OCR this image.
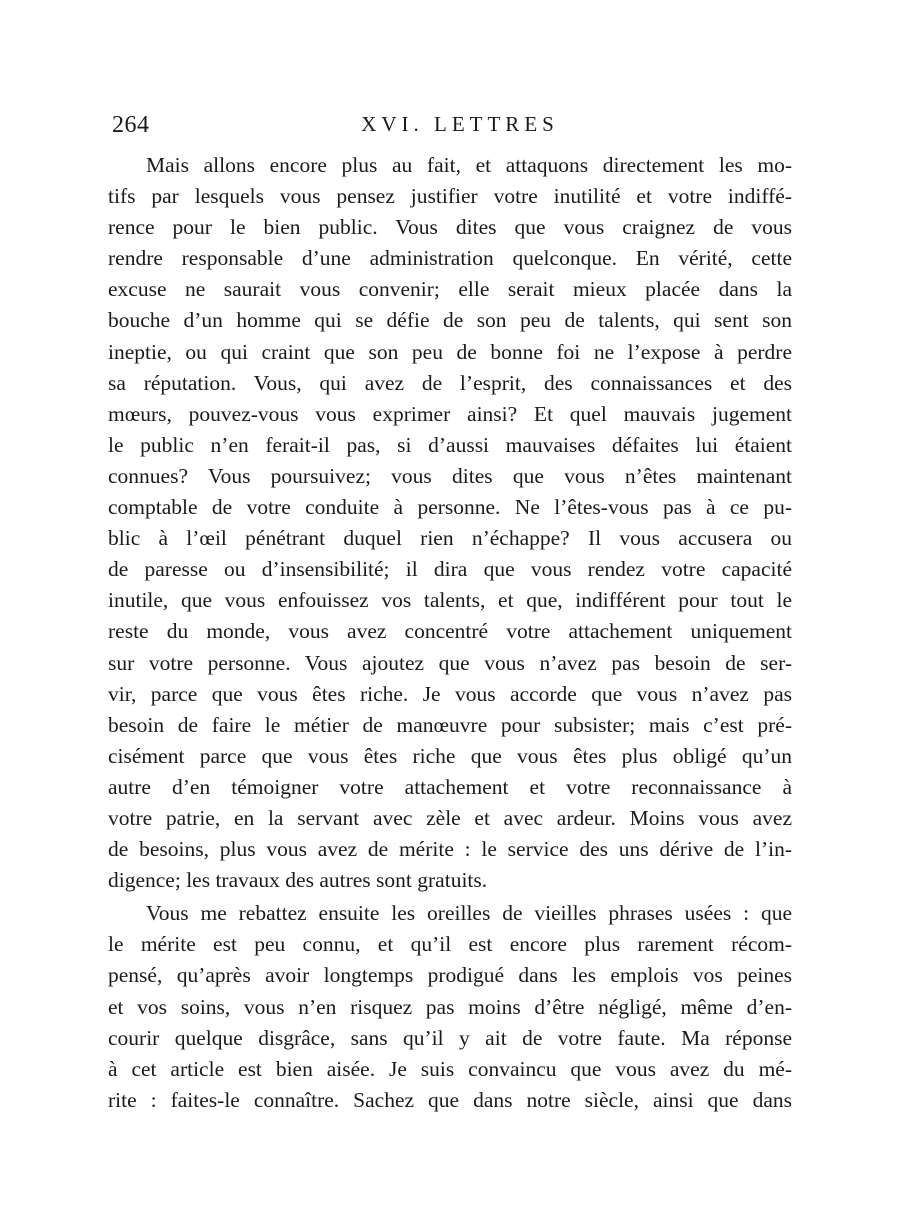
264	XVI. LETTRES
Mais allons encore plus au fait, et attaquons directement les mo-
tifs par lesquels vous pensez justifier votre inutilité et votre indiffé-
rence pour le bien public. Vous dites que vous craignez de vous
rendre responsable d’une administration quelconque. En vérité, cette
excuse ne saurait vous convenir; elle serait mieux placée dans la
bouche d’un homme qui se défie de son peu de talents, qui sent son
ineptie, ou qui craint que son peu de bonne foi ne l’expose à perdre
sa réputation. Vous, qui avez de l’esprit, des connaissances et des
mœurs, pouvez-vous vous exprimer ainsi? Et quel mauvais jugement
le public n’en ferait-il pas, si d’aussi mauvaises défaites lui étaient
connues? Vous poursuivez; vous dites que vous n’êtes maintenant
comptable de votre conduite à personne. Ne l’êtes-vous pas à ce pu-
blic à l’œil pénétrant duquel rien n’échappe? Il vous accusera ou
de paresse ou d’insensibilité; il dira que vous rendez votre capacité
inutile, que vous enfouissez vos talents, et que, indifférent pour tout le
reste du monde, vous avez concentré votre attachement uniquement
sur votre personne. Vous ajoutez que vous n’avez pas besoin de ser-
vir, parce que vous êtes riche. Je vous accorde que vous n’avez pas
besoin de faire le métier de manœuvre pour subsister; mais c’est pré-
cisément parce que vous êtes riche que vous êtes plus obligé qu’un
autre d’en témoigner votre attachement et votre reconnaissance à
votre patrie, en la servant avec zèle et avec ardeur. Moins vous avez
de besoins, plus vous avez de mérite : le service des uns dérive de l’in-
digence; les travaux des autres sont gratuits.
Vous me rebattez ensuite les oreilles de vieilles phrases usées : que
le mérite est peu connu, et qu’il est encore plus rarement récom-
pensé, qu’après avoir longtemps prodigué dans les emplois vos peines
et vos soins, vous n’en risquez pas moins d’être négligé, même d’en-
courir quelque disgrâce, sans qu’il y ait de votre faute. Ma réponse
à cet article est bien aisée. Je suis convaincu que vous avez du mé-
rite : faites-le connaître. Sachez que dans notre siècle, ainsi que dans
